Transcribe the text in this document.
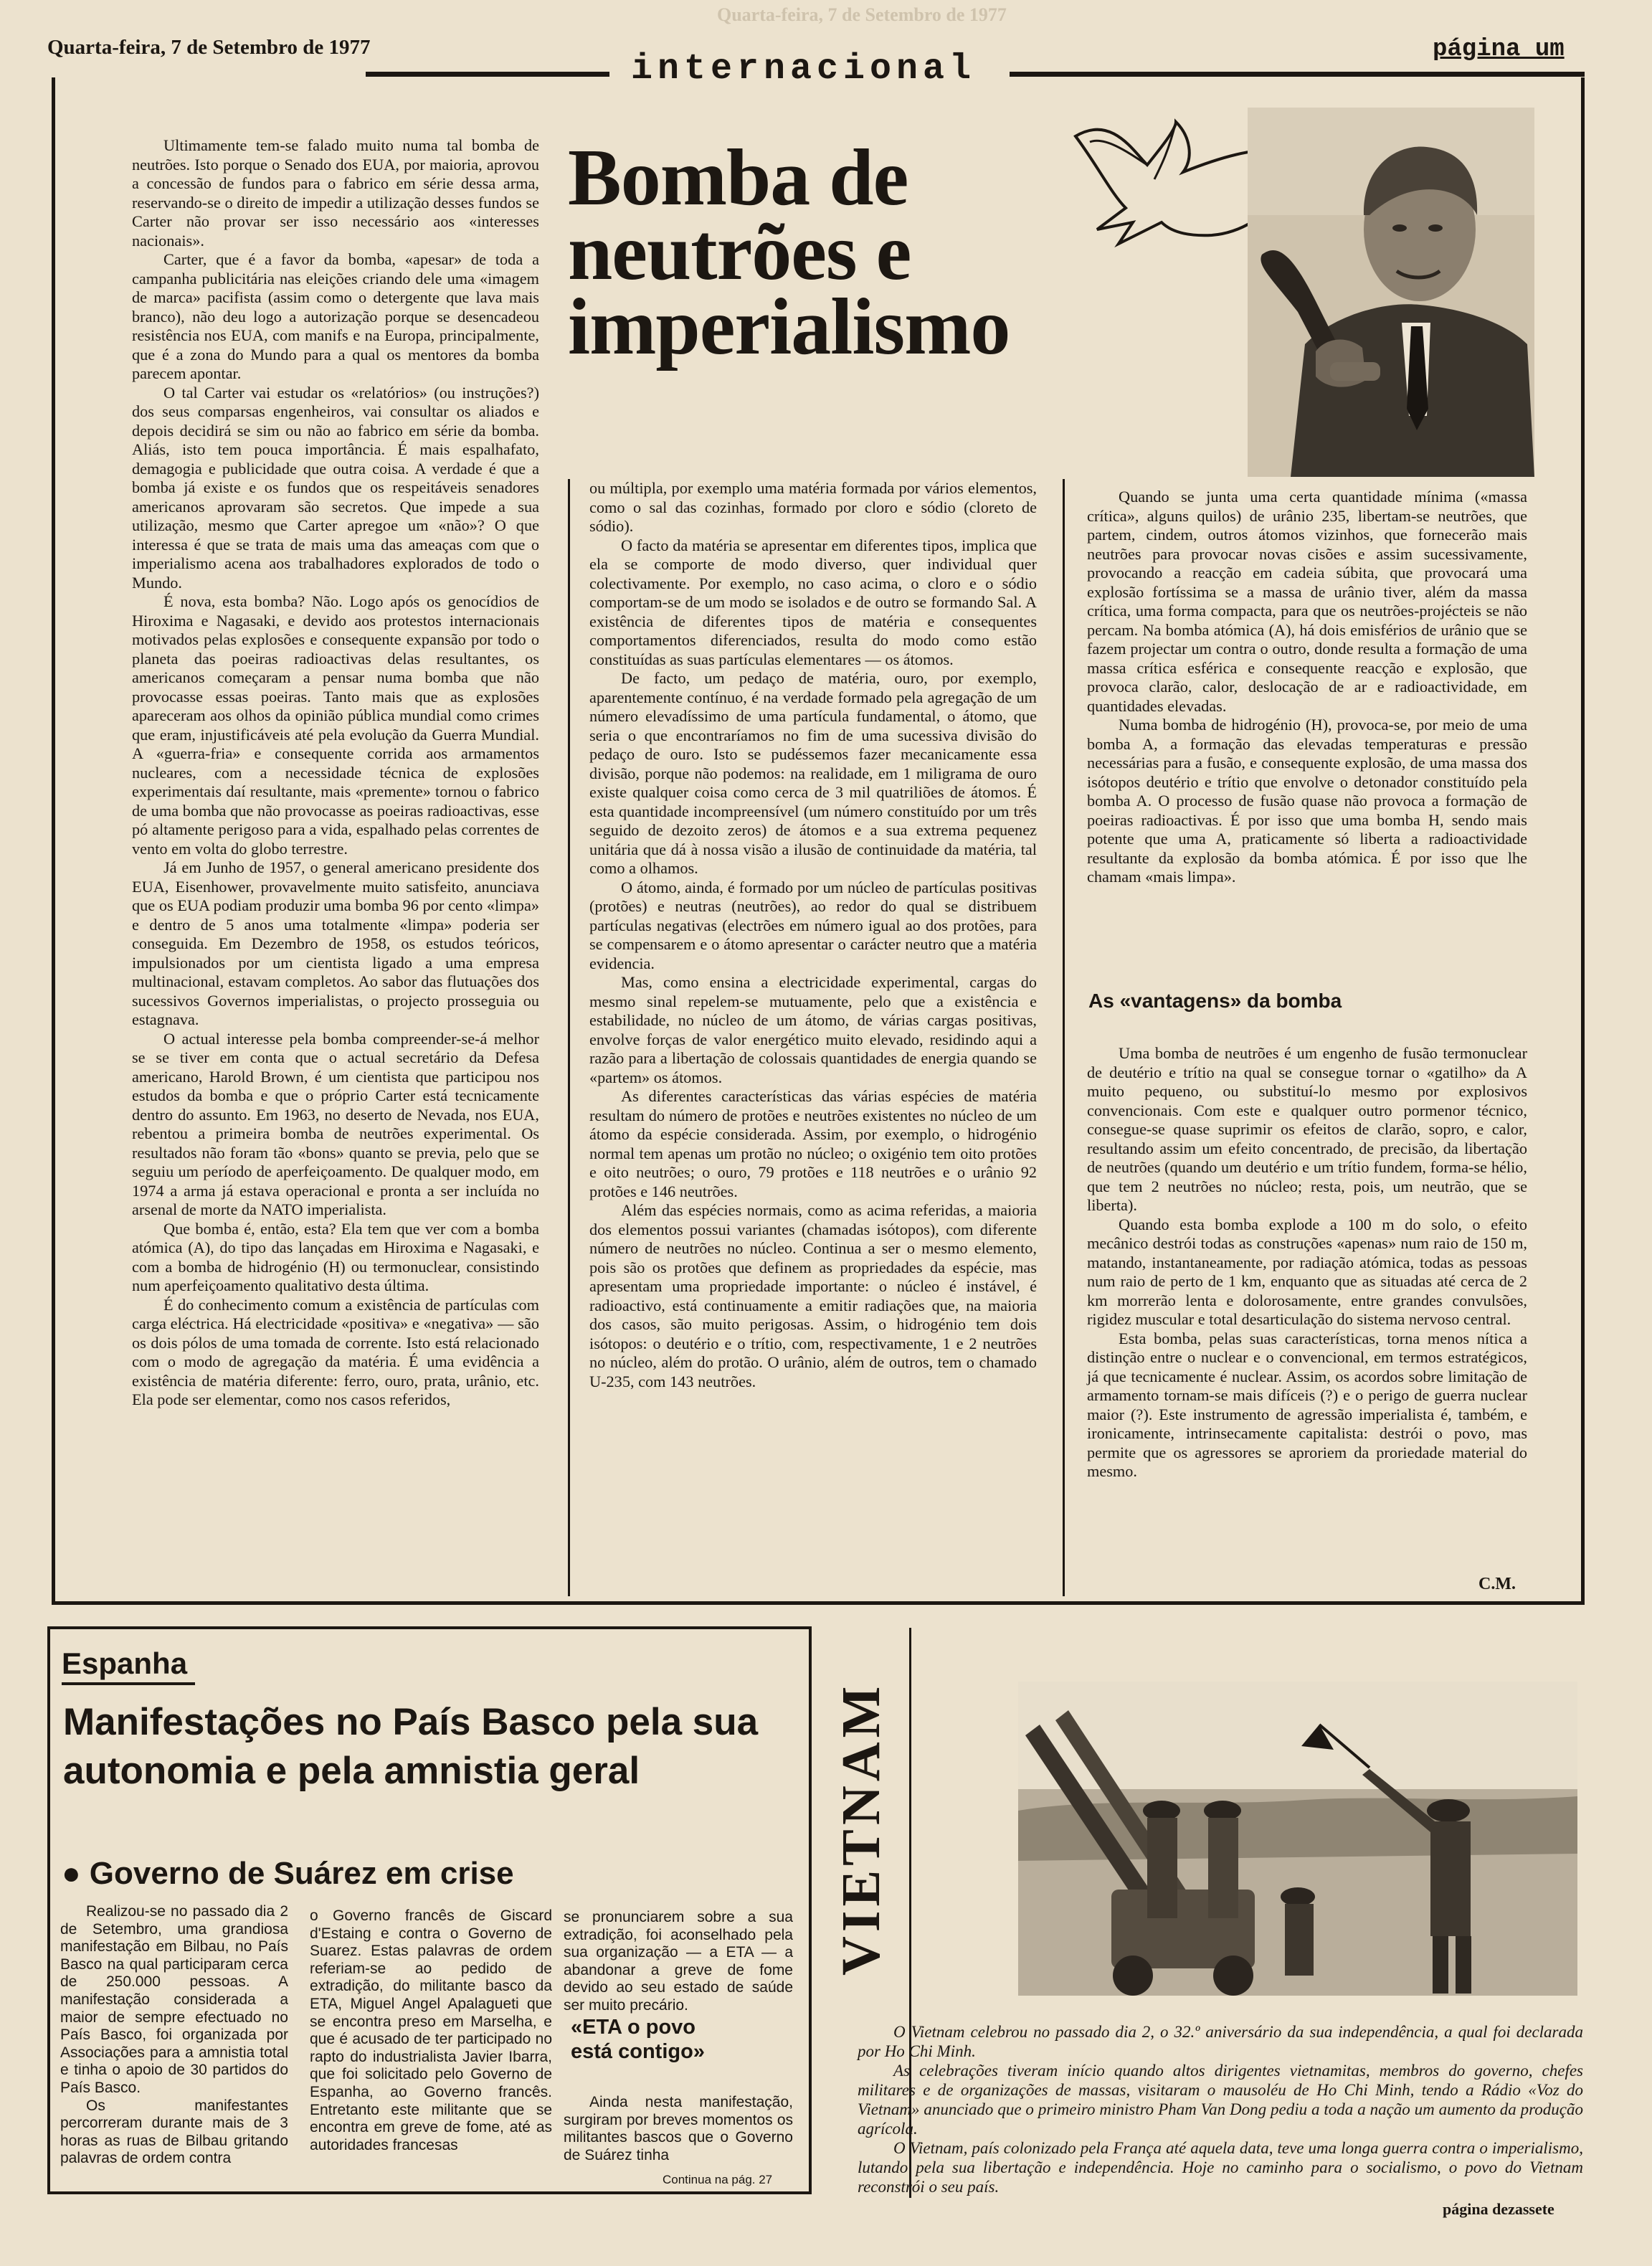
Quarta-feira, 7 de Setembro de 1977
Quarta-feira, 7 de Setembro de 1977
internacional	página um
Bomba de neutrões e imperialismo

Ultimamente tem-se falado muito numa tal bomba de neutrões. Isto porque o Senado dos EUA, por maioria, aprovou a concessão de fundos para o fabrico em série dessa arma, reservando-se o direito de impedir a utilização desses fundos se Carter não provar ser isso necessário aos «interesses nacionais».

Carter, que é a favor da bomba, «apesar» de toda a campanha publicitária nas eleições criando dele uma «imagem de marca» pacifista (assim como o detergente que lava mais branco), não deu logo a autorização porque se desencadeou resistência nos EUA, com manifs e na Europa, principalmente, que é a zona do Mundo para a qual os mentores da bomba parecem apontar.

O tal Carter vai estudar os «relatórios» (ou instruções?) dos seus comparsas engenheiros, vai consultar os aliados e depois decidirá se sim ou não ao fabrico em série da bomba. Aliás, isto tem pouca importância. É mais espalhafato, demagogia e publicidade que outra coisa. A verdade é que a bomba já existe e os fundos que os respeitáveis senadores americanos aprovaram são secretos. Que impede a sua utilização, mesmo que Carter apregoe um «não»? O que interessa é que se trata de mais uma das ameaças com que o imperialismo acena aos trabalhadores explorados de todo o Mundo.

É nova, esta bomba? Não. Logo após os genocídios de Hiroxima e Nagasaki, e devido aos protestos internacionais motivados pelas explosões e consequente expansão por todo o planeta das poeiras radioactivas delas resultantes, os americanos começaram a pensar numa bomba que não provocasse essas poeiras. Tanto mais que as explosões apareceram aos olhos da opinião pública mundial como crimes que eram, injustificáveis até pela evolução da Guerra Mundial. A «guerra-fria» e consequente corrida aos armamentos nucleares, com a necessidade técnica de explosões experimentais daí resultante, mais «premente» tornou o fabrico de uma bomba que não provocasse as poeiras radioactivas, esse pó altamente perigoso para a vida, espalhado pelas correntes de vento em volta do globo terrestre.

Já em Junho de 1957, o general americano presidente dos EUA, Eisenhower, provavelmente muito satisfeito, anunciava que os EUA podiam produzir uma bomba 96 por cento «limpa» e dentro de 5 anos uma totalmente «limpa» poderia ser conseguida. Em Dezembro de 1958, os estudos teóricos, impulsionados por um cientista ligado a uma empresa multinacional, estavam completos. Ao sabor das flutuações dos sucessivos Governos imperialistas, o projecto prosseguia ou estagnava.

O actual interesse pela bomba compreender-se-á melhor se se tiver em conta que o actual secretário da Defesa americano, Harold Brown, é um cientista que participou nos estudos da bomba e que o próprio Carter está tecnicamente dentro do assunto. Em 1963, no deserto de Nevada, nos EUA, rebentou a primeira bomba de neutrões experimental. Os resultados não foram tão «bons» quanto se previa, pelo que se seguiu um período de aperfeiçoamento. De qualquer modo, em 1974 a arma já estava operacional e pronta a ser incluída no arsenal de morte da NATO imperialista.

Que bomba é, então, esta? Ela tem que ver com a bomba atómica (A), do tipo das lançadas em Hiroxima e Nagasaki, e com a bomba de hidrogénio (H) ou termonuclear, consistindo num aperfeiçoamento qualitativo desta última.

É do conhecimento comum a existência de partículas com carga eléctrica. Há electricidade «positiva» e «negativa» — são os dois pólos de uma tomada de corrente. Isto está relacionado com o modo de agregação da matéria. É uma evidência a existência de matéria diferente: ferro, ouro, prata, urânio, etc. Ela pode ser elementar, como nos casos referidos,

ou múltipla, por exemplo uma matéria formada por vários elementos, como o sal das cozinhas, formado por cloro e sódio (cloreto de sódio).

O facto da matéria se apresentar em diferentes tipos, implica que ela se comporte de modo diverso, quer individual quer colectivamente. Por exemplo, no caso acima, o cloro e o sódio comportam-se de um modo se isolados e de outro se formando Sal. A existência de diferentes tipos de matéria e consequentes comportamentos diferenciados, resulta do modo como estão constituídas as suas partículas elementares — os átomos.

De facto, um pedaço de matéria, ouro, por exemplo, aparentemente contínuo, é na verdade formado pela agregação de um número elevadíssimo de uma partícula fundamental, o átomo, que seria o que encontraríamos no fim de uma sucessiva divisão do pedaço de ouro. Isto se pudéssemos fazer mecanicamente essa divisão, porque não podemos: na realidade, em 1 miligrama de ouro existe qualquer coisa como cerca de 3 mil quatriliões de átomos. É esta quantidade incompreensível (um número constituído por um três seguido de dezoito zeros) de átomos e a sua extrema pequenez unitária que dá à nossa visão a ilusão de continuidade da matéria, tal como a olhamos.

O átomo, ainda, é formado por um núcleo de partículas positivas (protões) e neutras (neutrões), ao redor do qual se distribuem partículas negativas (electrões em número igual ao dos protões, para se compensarem e o átomo apresentar o carácter neutro que a matéria evidencia.

Mas, como ensina a electricidade experimental, cargas do mesmo sinal repelem-se mutuamente, pelo que a existência e estabilidade, no núcleo de um átomo, de várias cargas positivas, envolve forças de valor energético muito elevado, residindo aqui a razão para a libertação de colossais quantidades de energia quando se «partem» os átomos.

As diferentes características das várias espécies de matéria resultam do número de protões e neutrões existentes no núcleo de um átomo da espécie considerada. Assim, por exemplo, o hidrogénio normal tem apenas um protão no núcleo; o oxigénio tem oito protões e oito neutrões; o ouro, 79 protões e 118 neutrões e o urânio 92 protões e 146 neutrões.

Além das espécies normais, como as acima referidas, a maioria dos elementos possui variantes (chamadas isótopos), com diferente número de neutrões no núcleo. Continua a ser o mesmo elemento, pois são os protões que definem as propriedades da espécie, mas apresentam uma propriedade importante: o núcleo é instável, é radioactivo, está continuamente a emitir radiações que, na maioria dos casos, são muito perigosas. Assim, o hidrogénio tem dois isótopos: o deutério e o trítio, com, respectivamente, 1 e 2 neutrões no núcleo, além do protão. O urânio, além de outros, tem o chamado U-235, com 143 neutrões.

Quando se junta uma certa quantidade mínima («massa crítica», alguns quilos) de urânio 235, libertam-se neutrões, que partem, cindem, outros átomos vizinhos, que fornecerão mais neutrões para provocar novas cisões e assim sucessivamente, provocando a reacção em cadeia súbita, que provocará uma explosão fortíssima se a massa de urânio tiver, além da massa crítica, uma forma compacta, para que os neutrões-projécteis se não percam. Na bomba atómica (A), há dois emisférios de urânio que se fazem projectar um contra o outro, donde resulta a formação de uma massa crítica esférica e consequente reacção e explosão, que provoca clarão, calor, deslocação de ar e radioactividade, em quantidades elevadas.

Numa bomba de hidrogénio (H), provoca-se, por meio de uma bomba A, a formação das elevadas temperaturas e pressão necessárias para a fusão, e consequente explosão, de uma massa dos isótopos deutério e trítio que envolve o detonador constituído pela bomba A. O processo de fusão quase não provoca a formação de poeiras radioactivas. É por isso que uma bomba H, sendo mais potente que uma A, praticamente só liberta a radioactividade resultante da explosão da bomba atómica. É por isso que lhe chamam «mais limpa».

As «vantagens» da bomba

Uma bomba de neutrões é um engenho de fusão termonuclear de deutério e trítio na qual se consegue tornar o «gatilho» da A muito pequeno, ou substituí-lo mesmo por explosivos convencionais. Com este e qualquer outro pormenor técnico, consegue-se quase suprimir os efeitos de clarão, sopro, e calor, resultando assim um efeito concentrado, de precisão, da libertação de neutrões (quando um deutério e um trítio fundem, forma-se hélio, que tem 2 neutrões no núcleo; resta, pois, um neutrão, que se liberta).

Quando esta bomba explode a 100 m do solo, o efeito mecânico destrói todas as construções «apenas» num raio de 150 m, matando, instantaneamente, por radiação atómica, todas as pessoas num raio de perto de 1 km, enquanto que as situadas até cerca de 2 km morrerão lenta e dolorosamente, entre grandes convulsões, rigidez muscular e total desarticulação do sistema nervoso central.

Esta bomba, pelas suas características, torna menos nítica a distinção entre o nuclear e o convencional, em termos estratégicos, já que tecnicamente é nuclear. Assim, os acordos sobre limitação de armamento tornam-se mais difíceis (?) e o perigo de guerra nuclear maior (?). Este instrumento de agressão imperialista é, também, e ironicamente, intrinsecamente capitalista: destrói o povo, mas permite que os agressores se aproriem da proriedade material do mesmo.

C.M.
Espanha
Manifestações no País Basco pela sua autonomia e pela amnistia geral
● Governo de Suárez em crise

Realizou-se no passado dia 2 de Setembro, uma grandiosa manifestação em Bilbau, no País Basco na qual participaram cerca de 250.000 pessoas. A manifestação considerada a maior de sempre efectuado no País Basco, foi organizada por Associações para a amnistia total e tinha o apoio de 30 partidos do País Basco.

Os manifestantes percorreram durante mais de 3 horas as ruas de Bilbau gritando palavras de ordem contra

o Governo francês de Giscard d'Estaing e contra o Governo de Suarez. Estas palavras de ordem referiam-se ao pedido de extradição, do militante basco da ETA, Miguel Angel Apalagueti que se encontra preso em Marselha, e que é acusado de ter participado no rapto do industrialista Javier Ibarra, que foi solicitado pelo Governo de Espanha, ao Governo francês. Entretanto este militante que se encontra em greve de fome, até as autoridades francesas

se pronunciarem sobre a sua extradição, foi aconselhado pela sua organização — a ETA — a abandonar a greve de fome devido ao seu estado de saúde ser muito precário.

«ETA o povo está contigo»

Ainda nesta manifestação, surgiram por breves momentos os militantes bascos que o Governo de Suárez tinha

Continua na pág. 27
VIETNAM

O Vietnam celebrou no passado dia 2, o 32.º aniversário da sua independência, a qual foi declarada por Ho Chi Minh.

As celebrações tiveram início quando altos dirigentes vietnamitas, membros do governo, chefes militares e de organizações de massas, visitaram o mausoléu de Ho Chi Minh, tendo a Rádio «Voz do Vietnam» anunciado que o primeiro ministro Pham Van Dong pediu a toda a nação um aumento da produção agrícola.

O Vietnam, país colonizado pela França até aquela data, teve uma longa guerra contra o imperialismo, lutando pela sua libertação e independência. Hoje no caminho para o socialismo, o povo do Vietnam reconstrói o seu país.

página dezassete
